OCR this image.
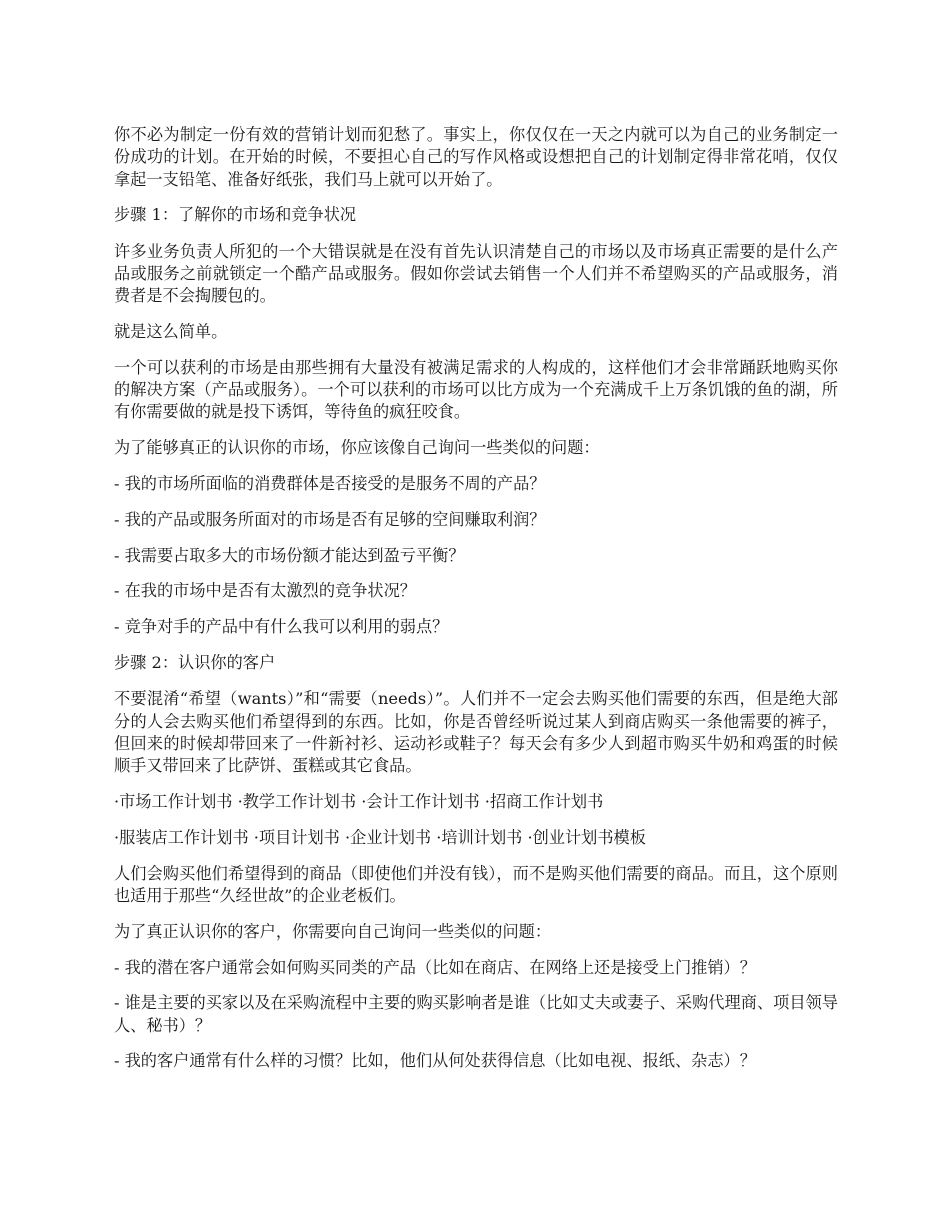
你不必为制定一份有效的营销计划而犯愁了。事实上，你仅仅在一天之内就可以为自己的业务制定一份成功的计划。在开始的时候，不要担心自己的写作风格或设想把自己的计划制定得非常花哨，仅仅拿起一支铅笔、准备好纸张，我们马上就可以开始了。

步骤 1：了解你的市场和竞争状况

许多业务负责人所犯的一个大错误就是在没有首先认识清楚自己的市场以及市场真正需要的是什么产品或服务之前就锁定一个酷产品或服务。假如你尝试去销售一个人们并不希望购买的产品或服务，消费者是不会掏腰包的。

就是这么简单。

一个可以获利的市场是由那些拥有大量没有被满足需求的人构成的，这样他们才会非常踊跃地购买你的解决方案（产品或服务）。一个可以获利的市场可以比方成为一个充满成千上万条饥饿的鱼的湖，所有你需要做的就是投下诱饵，等待鱼的疯狂咬食。

为了能够真正的认识你的市场，你应该像自己询问一些类似的问题：

- 我的市场所面临的消费群体是否接受的是服务不周的产品？

- 我的产品或服务所面对的市场是否有足够的空间赚取利润？

- 我需要占取多大的市场份额才能达到盈亏平衡？

- 在我的市场中是否有太激烈的竞争状况？

- 竞争对手的产品中有什么我可以利用的弱点？

步骤 2：认识你的客户

不要混淆“希望（wants）”和“需要（needs）”。人们并不一定会去购买他们需要的东西，但是绝大部分的人会去购买他们希望得到的东西。比如，你是否曾经听说过某人到商店购买一条他需要的裤子，但回来的时候却带回来了一件新衬衫、运动衫或鞋子？每天会有多少人到超市购买牛奶和鸡蛋的时候顺手又带回来了比萨饼、蛋糕或其它食品。

·市场工作计划书 ·教学工作计划书 ·会计工作计划书 ·招商工作计划书

·服装店工作计划书 ·项目计划书 ·企业计划书 ·培训计划书 ·创业计划书模板

人们会购买他们希望得到的商品（即使他们并没有钱），而不是购买他们需要的商品。而且，这个原则也适用于那些“久经世故”的企业老板们。

为了真正认识你的客户，你需要向自己询问一些类似的问题：

- 我的潜在客户通常会如何购买同类的产品（比如在商店、在网络上还是接受上门推销）？

- 谁是主要的买家以及在采购流程中主要的购买影响者是谁（比如丈夫或妻子、采购代理商、项目领导人、秘书）？

- 我的客户通常有什么样的习惯？比如，他们从何处获得信息（比如电视、报纸、杂志）？
